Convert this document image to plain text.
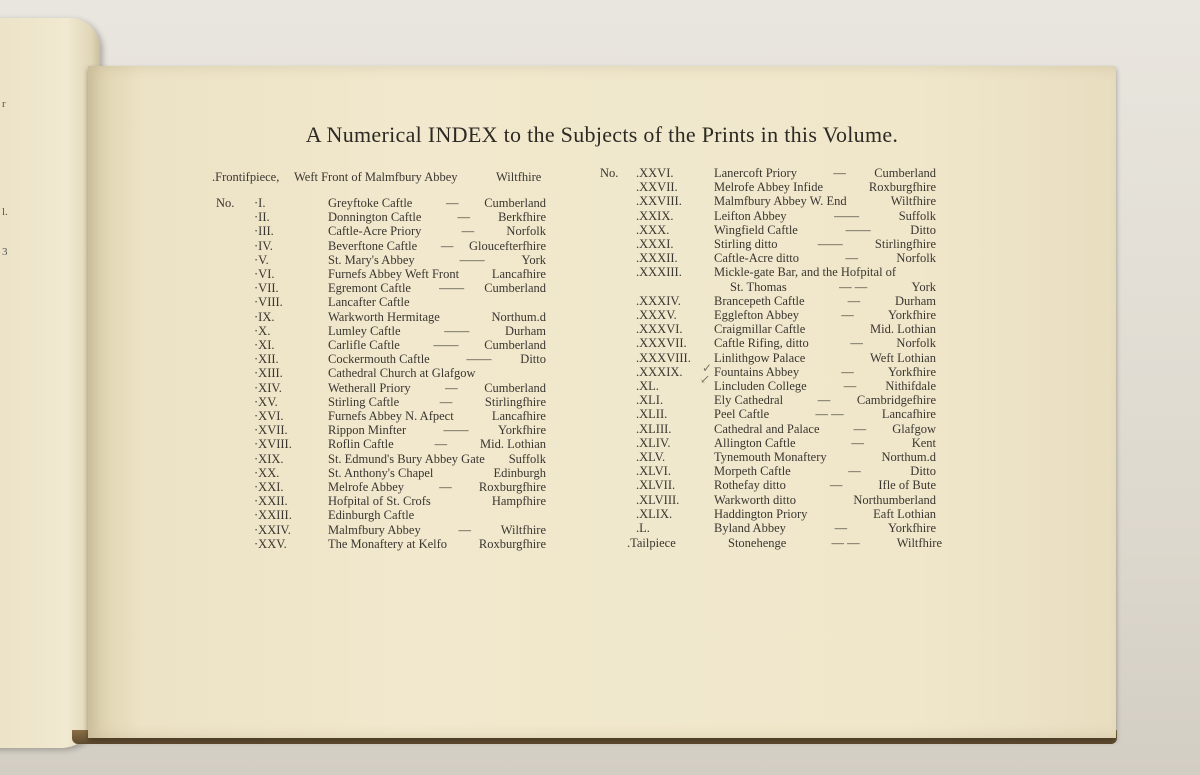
r
l.
3
A Numerical INDEX to the Subjects of the Prints in this Volume.
.Frontifpiece, Weft Front of Malmfbury Abbey	Wiltfhire
No.
No.
·I.	Greyftoke Caftle	—	Cumberland
·II.	Donnington Caftle	—	Berkfhire
·III.	Caftle-Acre Priory	—	Norfolk
·IV.	Beverftone Caftle	—	Gloucefterfhire
·V.	St. Mary's Abbey	——	York
·VI.	Furnefs Abbey Weft Front	Lancafhire
·VII.	Egremont Caftle	——	Cumberland
·VIII.	Lancafter Caftle
·IX.	Warkworth Hermitage	Northum.d
·X.	Lumley Caftle	——	Durham
·XI.	Carlifle Caftle	——	Cumberland
·XII.	Cockermouth Caftle	——	Ditto
·XIII.	Cathedral Church at Glafgow
·XIV.	Wetherall Priory	—	Cumberland
·XV.	Stirling Caftle	—	Stirlingfhire
·XVI.	Furnefs Abbey N. Afpect	Lancafhire
·XVII.	Rippon Minfter	——	Yorkfhire
·XVIII.	Roflin Caftle	—	Mid. Lothian
·XIX.	St. Edmund's Bury Abbey Gate Suffolk
·XX.	St. Anthony's Chapel	Edinburgh
·XXI.	Melrofe Abbey	—	Roxburgfhire
·XXII.	Hofpital of St. Crofs	Hampfhire
·XXIII.	Edinburgh Caftle
·XXIV.	Malmfbury Abbey	—	Wiltfhire
·XXV.	The Monaftery at Kelfo	Roxburgfhire
.XXVI.	Lanercoft Priory	—	Cumberland
.XXVII.	Melrofe Abbey Infide	Roxburgfhire
.XXVIII.	Malmfbury Abbey W. End	Wiltfhire
.XXIX.	Leifton Abbey	——	Suffolk
.XXX.	Wingfield Caftle	——	Ditto
.XXXI.	Stirling ditto	——	Stirlingfhire
.XXXII.	Caftle-Acre ditto	—	Norfolk
.XXXIII.	Mickle-gate Bar, and the Hofpital of
St. Thomas	— —	York
.XXXIV.	Brancepeth Caftle	—	Durham
.XXXV.	Egglefton Abbey	—	Yorkfhire
.XXXVI.	Craigmillar Caftle	Mid. Lothian
.XXXVII. Caftle Rifing, ditto	—	Norfolk
.XXXVIII. Linlithgow Palace	Weft Lothian
.XXXIX.	Fountains Abbey	—	Yorkfhire
.XL.	Lincluden College	—	Nithifdale
.XLI.	Ely Cathedral	—	Cambridgefhire
.XLII.	Peel Caftle	— —	Lancafhire
.XLIII.	Cathedral and Palace	—	Glafgow
.XLIV.	Allington Caftle	—	Kent
.XLV.	Tynemouth Monaftery	Northum.d
.XLVI.	Morpeth Caftle	—	Ditto
.XLVII.	Rothefay ditto	—	Ifle of Bute
.XLVIII.	Warkworth ditto	Northumberland
.XLIX.	Haddington Priory	Eaft Lothian
.L.	Byland Abbey	—	Yorkfhire
.Tailpiece	Stonehenge	— —	Wiltfhire
↙
✓
